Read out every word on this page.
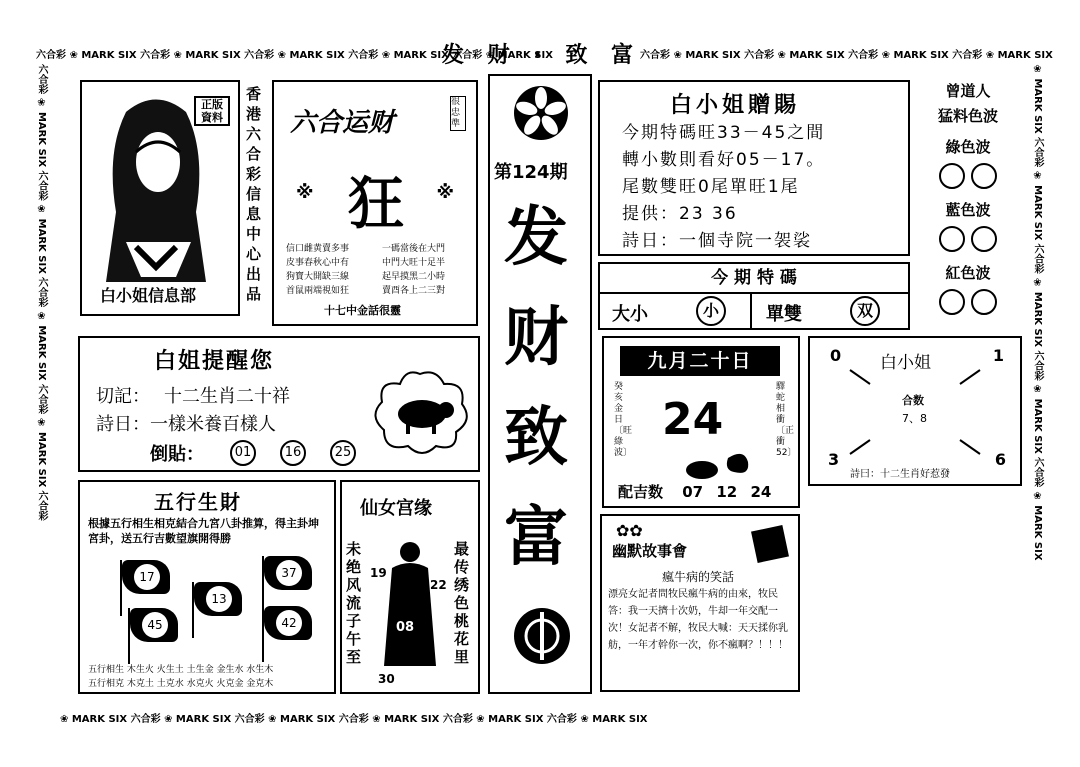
六合彩 ❀ MARK SIX 六合彩 ❀ MARK SIX 六合彩 ❀ MARK SIX 六合彩 ❀ MARK SIX 六合彩 ❀ MARK SIX
发 财 · 致 富 六合彩 ❀ MARK SIX 六合彩 ❀ MARK SIX 六合彩 ❀ MARK SIX 六合彩 ❀ MARK SIX
❀ MARK SIX 六合彩 ❀ MARK SIX 六合彩 ❀ MARK SIX 六合彩 ❀ MARK SIX 六合彩 ❀ MARK SIX 六合彩 ❀ MARK SIX
六合彩 ❀ MARK SIX 六合彩 ❀ MARK SIX 六合彩 ❀ MARK SIX 六合彩 ❀ MARK SIX 六合彩	❀ MARK SIX 六合彩 ❀ MARK SIX 六合彩 ❀ MARK SIX 六合彩 ❀ MARK SIX 六合彩 ❀ MARK SIX
正版資料
白小姐信息部
香港六合彩信息中心出品
六合运财
很忠準
※ 狂 ※
信口雌黄賣多事
皮事春秋心中有
狗寶大開缺三線
首鼠兩端視如狂
一碼當後在大門
中門大旺十足半
起早摸黑二小時
賣酉各上二三對
十七中金話很靈
第124期
发
财
致
富
白小姐贈賜
今期特碼旺33－45之間
轉小數則看好05－17。
尾數雙旺0尾單旺1尾
提供：23 36
詩日：一個寺院一袈裟
曾道人
猛料色波
綠色波

藍色波

紅色波

今 期 特 碼
大小	小	單雙	双
白姐提醒您
切記： 十二生肖二十祥
詩日：一樣米養百樣人
倒貼：	01	16	25
九月二十日
癸亥金日〔旺綠波〕
驛蛇相衝〔正衝52〕
24
配吉数 07 12 24
0 白小姐	1
合数
7、8
3	6
詩曰：十二生肖好惹發
五行生財
根據五行相生相克結合九宮八卦推算，得主卦坤宮卦，送五行吉數望旗開得勝
17	37
13
45	42
五行相生 木生火 火生土 土生金 金生水 水生木
五行相克 木克土 土克水 水克火 火克金 金克木
仙女宫缘
未绝风流子午至
最传绣色桃花里
19
22
08
30
✿✿
幽默故事會
瘋牛病的笑話
漂亮女記者問牧民瘋牛病的由來，牧民答：我一天擠十次奶，牛却一年交配一次！女記者不解，牧民大喊：天天揉你乳舫，一年才幹你一次，你不瘋啊？！！！
